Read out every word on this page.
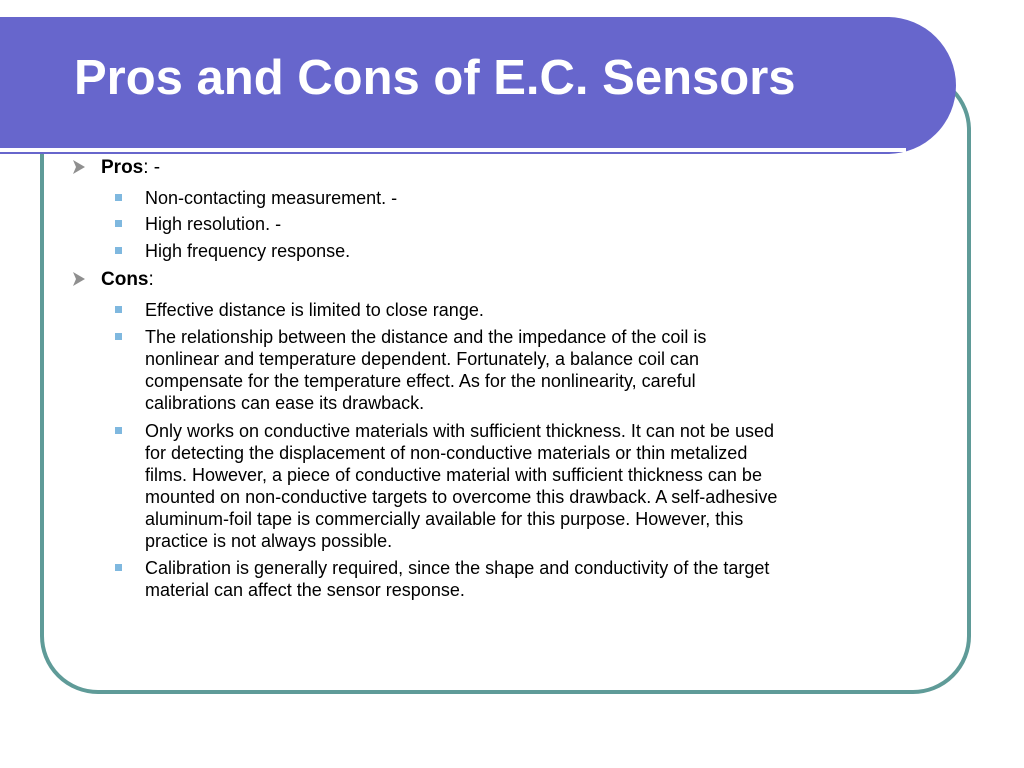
Pros and Cons of E.C. Sensors
Pros: -
Non-contacting measurement. -
High resolution. -
High frequency response.
Cons:
Effective distance is limited to close range.
The relationship between the distance and the impedance of the coil is
nonlinear and temperature dependent. Fortunately, a balance coil can
compensate for the temperature effect. As for the nonlinearity, careful
calibrations can ease its drawback.
Only works on conductive materials with sufficient thickness. It can not be used
for detecting the displacement of non-conductive materials or thin metalized
films. However, a piece of conductive material with sufficient thickness can be
mounted on non-conductive targets to overcome this drawback. A self-adhesive
aluminum-foil tape is commercially available for this purpose. However, this
practice is not always possible.
Calibration is generally required, since the shape and conductivity of the target
material can affect the sensor response.
